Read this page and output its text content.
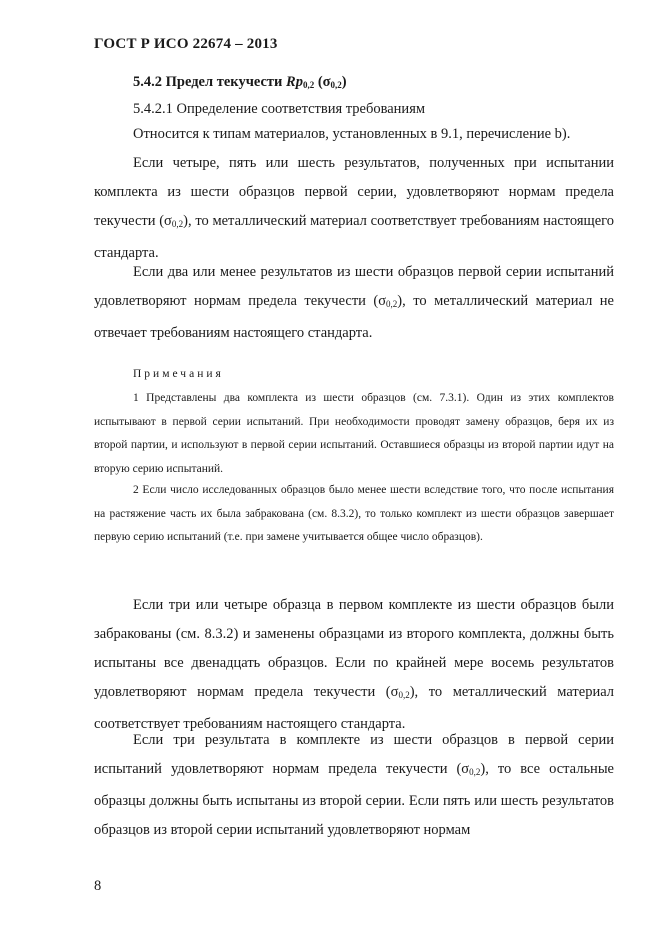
ГОСТ Р ИСО 22674 – 2013
5.4.2 Предел текучести $Rp_{0,2}$ $(\sigma_{0,2})$
5.4.2.1 Определение соответствия требованиям

Относится к типам материалов, установленных в 9.1, перечисление b).

Если четыре, пять или шесть результатов, полученных при испытании комплекта из шести образцов первой серии, удовлетворяют нормам предела текучести $(\sigma_{0,2})$, то металлический материал соответствует требованиям настоящего стандарта.

Если два или менее результатов из шести образцов первой серии испытаний удовлетворяют нормам предела текучести $(\sigma_{0,2})$, то металлический материал не отвечает требованиям настоящего стандарта.

Примечания

1 Представлены два комплекта из шести образцов (см. 7.3.1). Один из этих комплектов испытывают в первой серии испытаний. При необходимости проводят замену образцов, беря их из второй партии, и используют в первой серии испытаний. Оставшиеся образцы из второй партии идут на вторую серию испытаний.

2 Если число исследованных образцов было менее шести вследствие того, что после испытания на растяжение часть их была забракована (см. 8.3.2), то только комплект из шести образцов завершает первую серию испытаний (т.е. при замене учитывается общее число образцов).

Если три или четыре образца в первом комплекте из шести образцов были забракованы (см. 8.3.2) и заменены образцами из второго комплекта, должны быть испытаны все двенадцать образцов. Если по крайней мере восемь результатов удовлетворяют нормам предела текучести $(\sigma_{0,2})$, то металлический материал соответствует требованиям настоящего стандарта.

Если три результата в комплекте из шести образцов в первой серии испытаний удовлетворяют нормам предела текучести $(\sigma_{0,2})$, то все остальные образцы должны быть испытаны из второй серии. Если пять или шесть результатов образцов из второй серии испытаний удовлетворяют нормам

8
